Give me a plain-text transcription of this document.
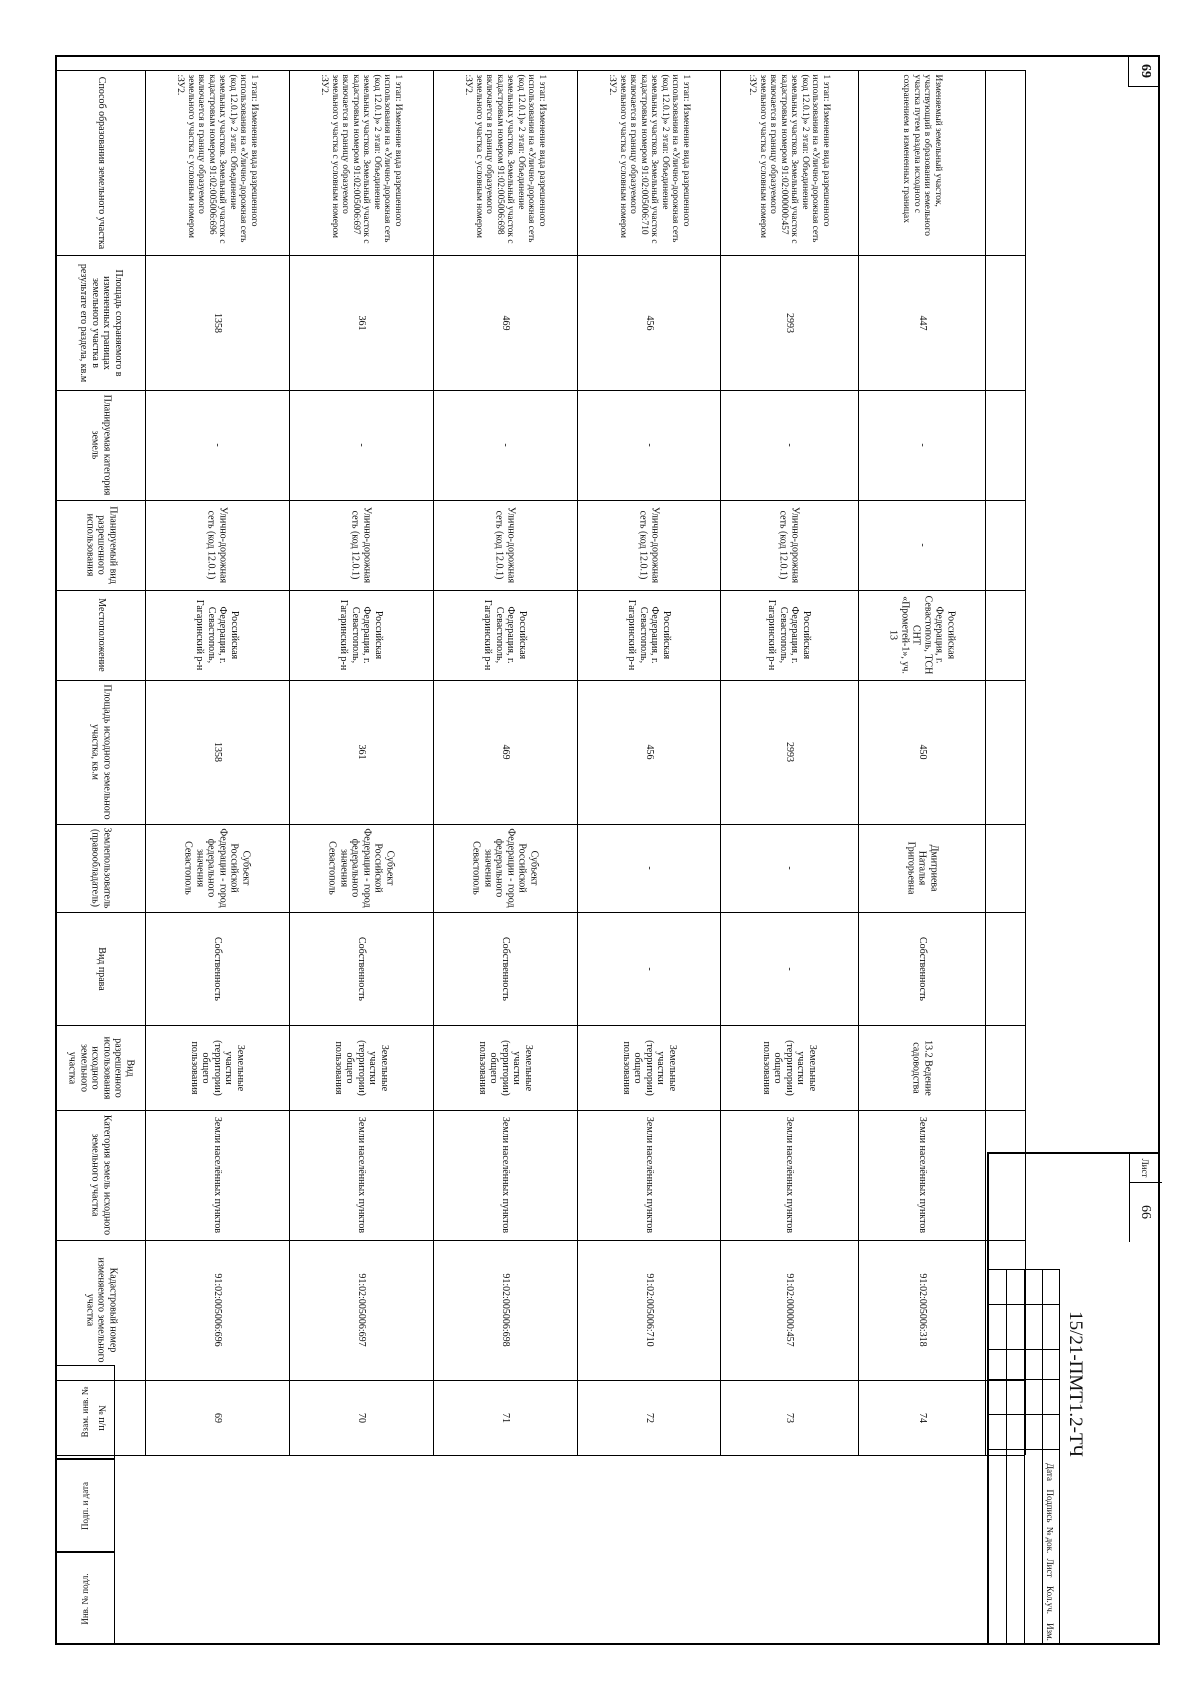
69
Взам. инв. №
Подп. и дата
Инв. № подл.
№ п/п
Кадастровый номер изменяемого земельного участка
Категория земель исходного земельного участка
Вид разрешенного использования исходного земельного участка
Вид права
Землепользователь (правообладатель)
Площадь исходного земельного участка, кв.м
Местоположение
Планируемый вид разрешенного использования
Планируемая категория земель
Площадь сохраняемого в измененных границах земельного участка в результате его раздела, кв.м
Способ образования земельного участка
69
91:02:005006:696
Земли населённых пунктов
Земельные участки (территории) общего пользования
Собственность
Субъект Российской Федерации - город федерального значения Севастополь
1358
Российская Федерация, г. Севастополь, Гагаринский р-н
Улично-дорожная сеть (код 12.0.1)
-
1358
1 этап: Изменение вида разрешенного использования на «Улично-дорожная сеть (код 12.0.1)» 2 этап: Объединение земельных участков. Земельный участок с кадастровым номером 91:02:005006:696 включается в границу образуемого земельного участка с условным номером :ЗУ2.
70
91:02:005006:697
Земли населённых пунктов
Земельные участки (территории) общего пользования
Собственность
Субъект Российской Федерации - город федерального значения Севастополь
361
Российская Федерация, г. Севастополь, Гагаринский р-н
Улично-дорожная сеть (код 12.0.1)
-
361
1 этап: Изменение вида разрешенного использования на «Улично-дорожная сеть (код 12.0.1)» 2 этап: Объединение земельных участков. Земельный участок с кадастровым номером 91:02:005006:697 включается в границу образуемого земельного участка с условным номером :ЗУ2.
71
91:02:005006:698
Земли населённых пунктов
Земельные участки (территории) общего пользования
Собственность
Субъект Российской Федерации - город федерального значения Севастополь
469
Российская Федерация, г. Севастополь, Гагаринский р-н
Улично-дорожная сеть (код 12.0.1)
-
469
1 этап: Изменение вида разрешенного использования на «Улично-дорожная сеть (код 12.0.1)» 2 этап: Объединение земельных участков. Земельный участок с кадастровым номером 91:02:005006:698 включается в границу образуемого земельного участка с условным номером :ЗУ2.
72
91:02:005006:710
Земли населённых пунктов
Земельные участки (территории) общего пользования
-
-
456
Российская Федерация, г. Севастополь, Гагаринский р-н
Улично-дорожная сеть (код 12.0.1)
-
456
1 этап: Изменение вида разрешенного использования на «Улично-дорожная сеть (код 12.0.1)» 2 этап: Объединение земельных участков. Земельный участок с кадастровым номером 91:02:005006:710 включается в границу образуемого земельного участка с условным номером :ЗУ2.
73
91:02:000000:457
Земли населённых пунктов
Земельные участки (территории) общего пользования
-
-
2993
Российская Федерация, г. Севастополь, Гагаринский р-н
Улично-дорожная сеть (код 12.0.1)
-
2993
1 этап: Изменение вида разрешенного использования на «Улично-дорожная сеть (код 12.0.1)» 2 этап: Объединение земельных участков. Земельный участок с кадастровым номером 91:02:000000:457 включается в границу образуемого земельного участка с условным номером :ЗУ2.
74
91:02:005006:318
Земли населённых пунктов
13.2 Ведение садоводства
Собственность
Дмитриева Наталья Григорьевна
450
Российская Федерация, г. Севастополь, ТСН СНТ «Прометей-1», уч. 13
-
-
447
Изменяемый земельный участок, участвующий в образовании земельного участка путем раздела исходного с сохранением в измененных границах
15/21-ПМТ1.2-ТЧ
Лист
66
Изм.
Кол.уч.
Лист
№ док.
Подпись
Дата
